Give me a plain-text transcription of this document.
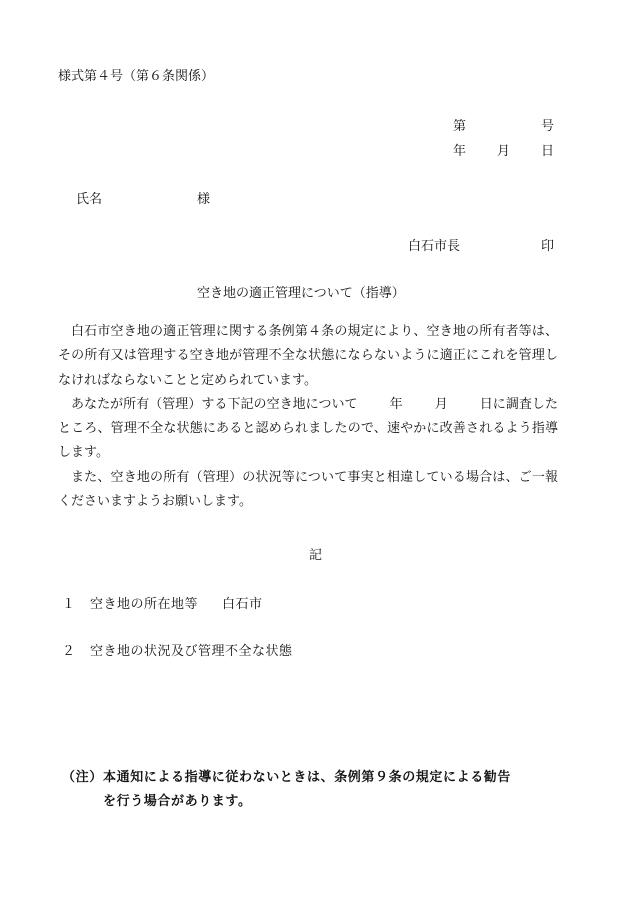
様式第４号（第６条関係）
第	号
年 月 日
氏名	様
白石市長	印
空き地の適正管理について（指導）

白石市空き地の適正管理に関する条例第４条の規定により、空き地の所有者等は、その所有又は管理する空き地が管理不全な状態にならないように適正にこれを管理しなければならないことと定められています。

あなたが所有（管理）する下記の空き地について 年 月 日に調査したところ、管理不全な状態にあると認められましたので、速やかに改善されるよう指導します。

また、空き地の所有（管理）の状況等について事実と相違している場合は、ご一報くださいますようお願いします。

記
１ 空き地の所在地等 白石市
２ 空き地の状況及び管理不全な状態
（注）本通知による指導に従わないときは、条例第９条の規定による勧告
を行う場合があります。
